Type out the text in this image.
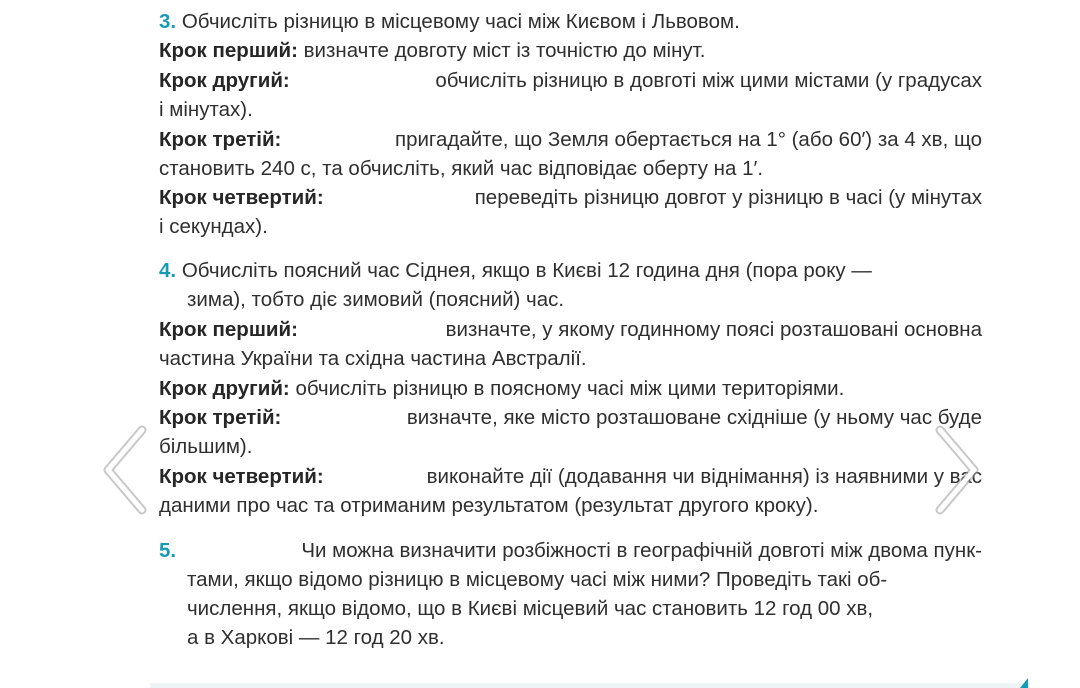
3. Обчисліть різницю в місцевому часі між Києвом і Львовом.
Крок перший: визначте довготу міст із точністю до мінут.
Крок другий:	обчисліть різницю в довготі між цими містами (у градусах
і мінутах).
Крок третій:	пригадайте, що Земля обертається на 1° (або 60′) за 4 хв, що
становить 240 с, та обчисліть, який час відповідає оберту на 1′.
Крок четвертий:	переведіть різницю довгот у різницю в часі (у мінутах
і секундах).
4. Обчисліть поясний час Сіднея, якщо в Києві 12 година дня (пора року —
зима), тобто діє зимовий (поясний) час.
Крок перший:	визначте, у якому годинному поясі розташовані основна
частина України та східна частина Австралії.
Крок другий: обчисліть різницю в поясному часі між цими територіями.
Крок третій:	визначте, яке місто розташоване східніше (у ньому час буде
більшим).
Крок четвертий:	виконайте дії (додавання чи віднімання) із наявними у вас
даними про час та отриманим результатом (результат другого кроку).
5.	Чи можна визначити розбіжності в географічній довготі між двома пунк-
тами, якщо відомо різницю в місцевому часі між ними? Проведіть такі об-
числення, якщо відомо, що в Києві місцевий час становить 12 год 00 хв,
а в Харкові — 12 год 20 хв.
